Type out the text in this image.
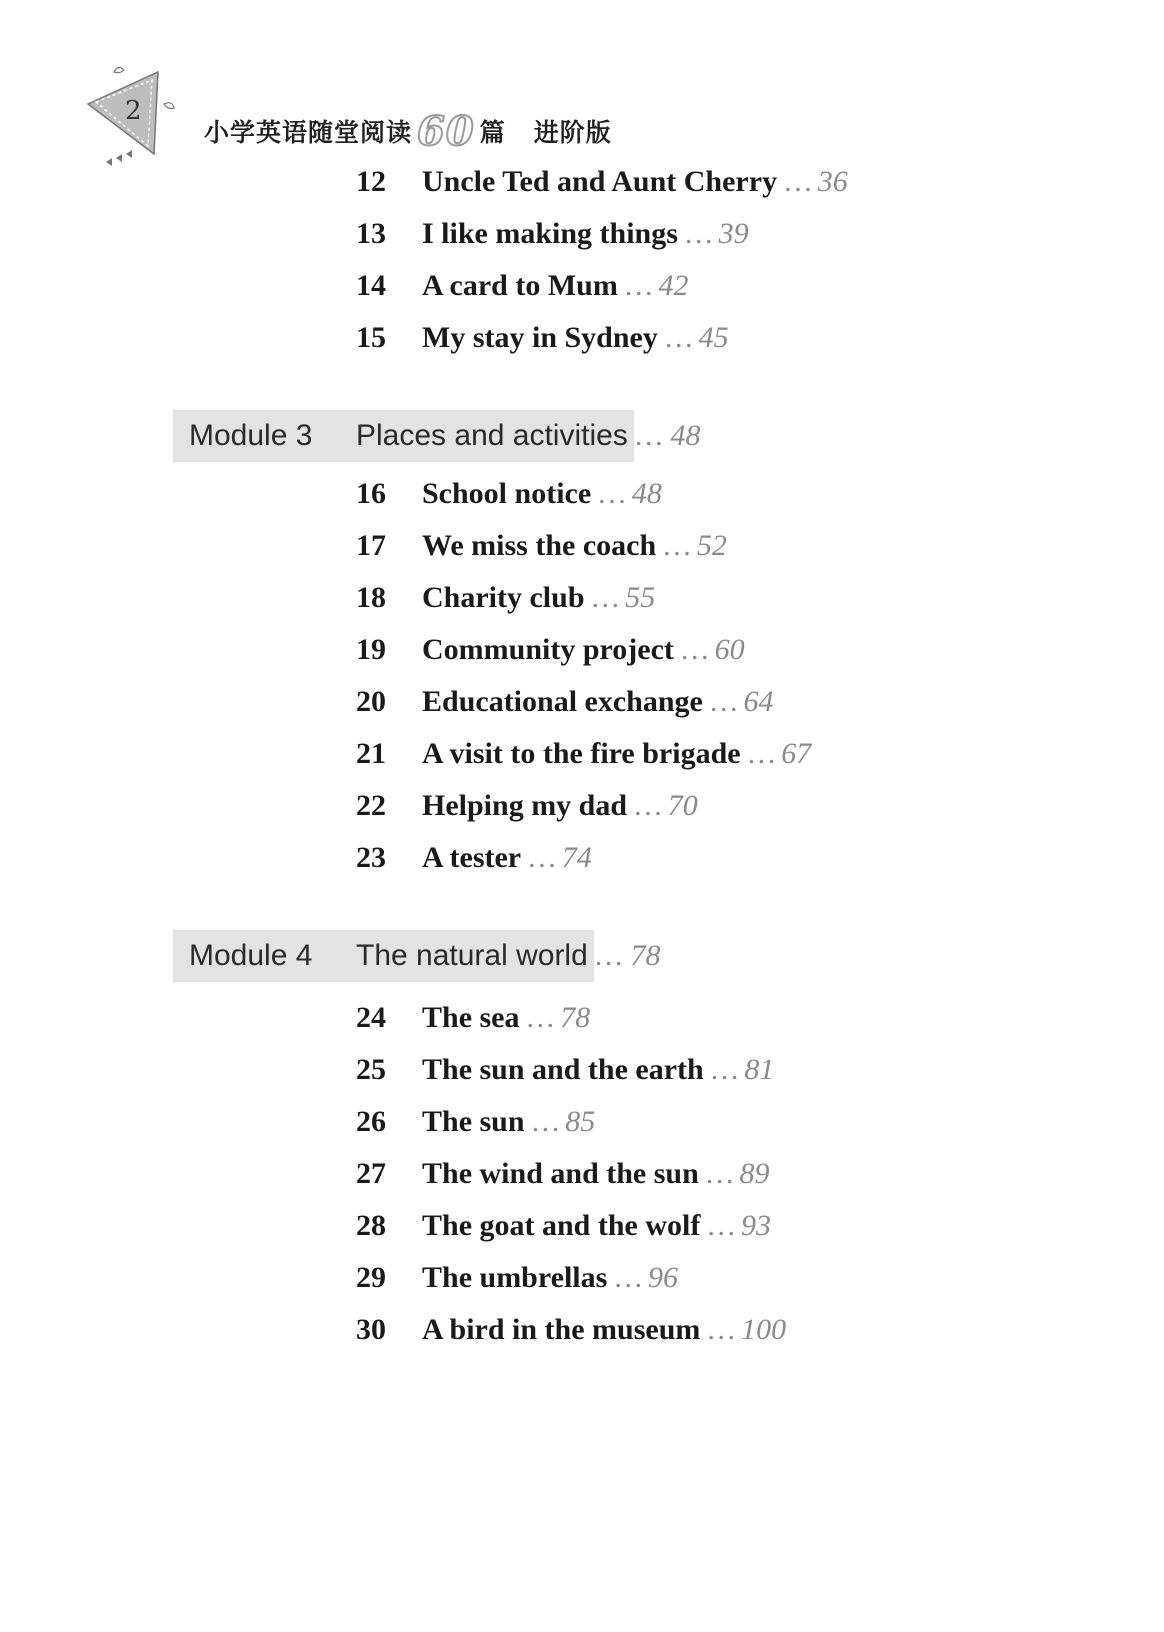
2
小学英语随堂阅读 60 篇 进阶版
12 Uncle Ted and Aunt Cherry … 36
13 I like making things … 39
14 A card to Mum … 42
15 My stay in Sydney … 45
Module 3	Places and activities … 48
16 School notice … 48
17 We miss the coach … 52
18 Charity club … 55
19 Community project … 60
20 Educational exchange … 64
21 A visit to the fire brigade … 67
22 Helping my dad … 70
23 A tester … 74
Module 4	The natural world … 78
24 The sea … 78
25 The sun and the earth … 81
26 The sun … 85
27 The wind and the sun … 89
28 The goat and the wolf … 93
29 The umbrellas … 96
30 A bird in the museum … 100
